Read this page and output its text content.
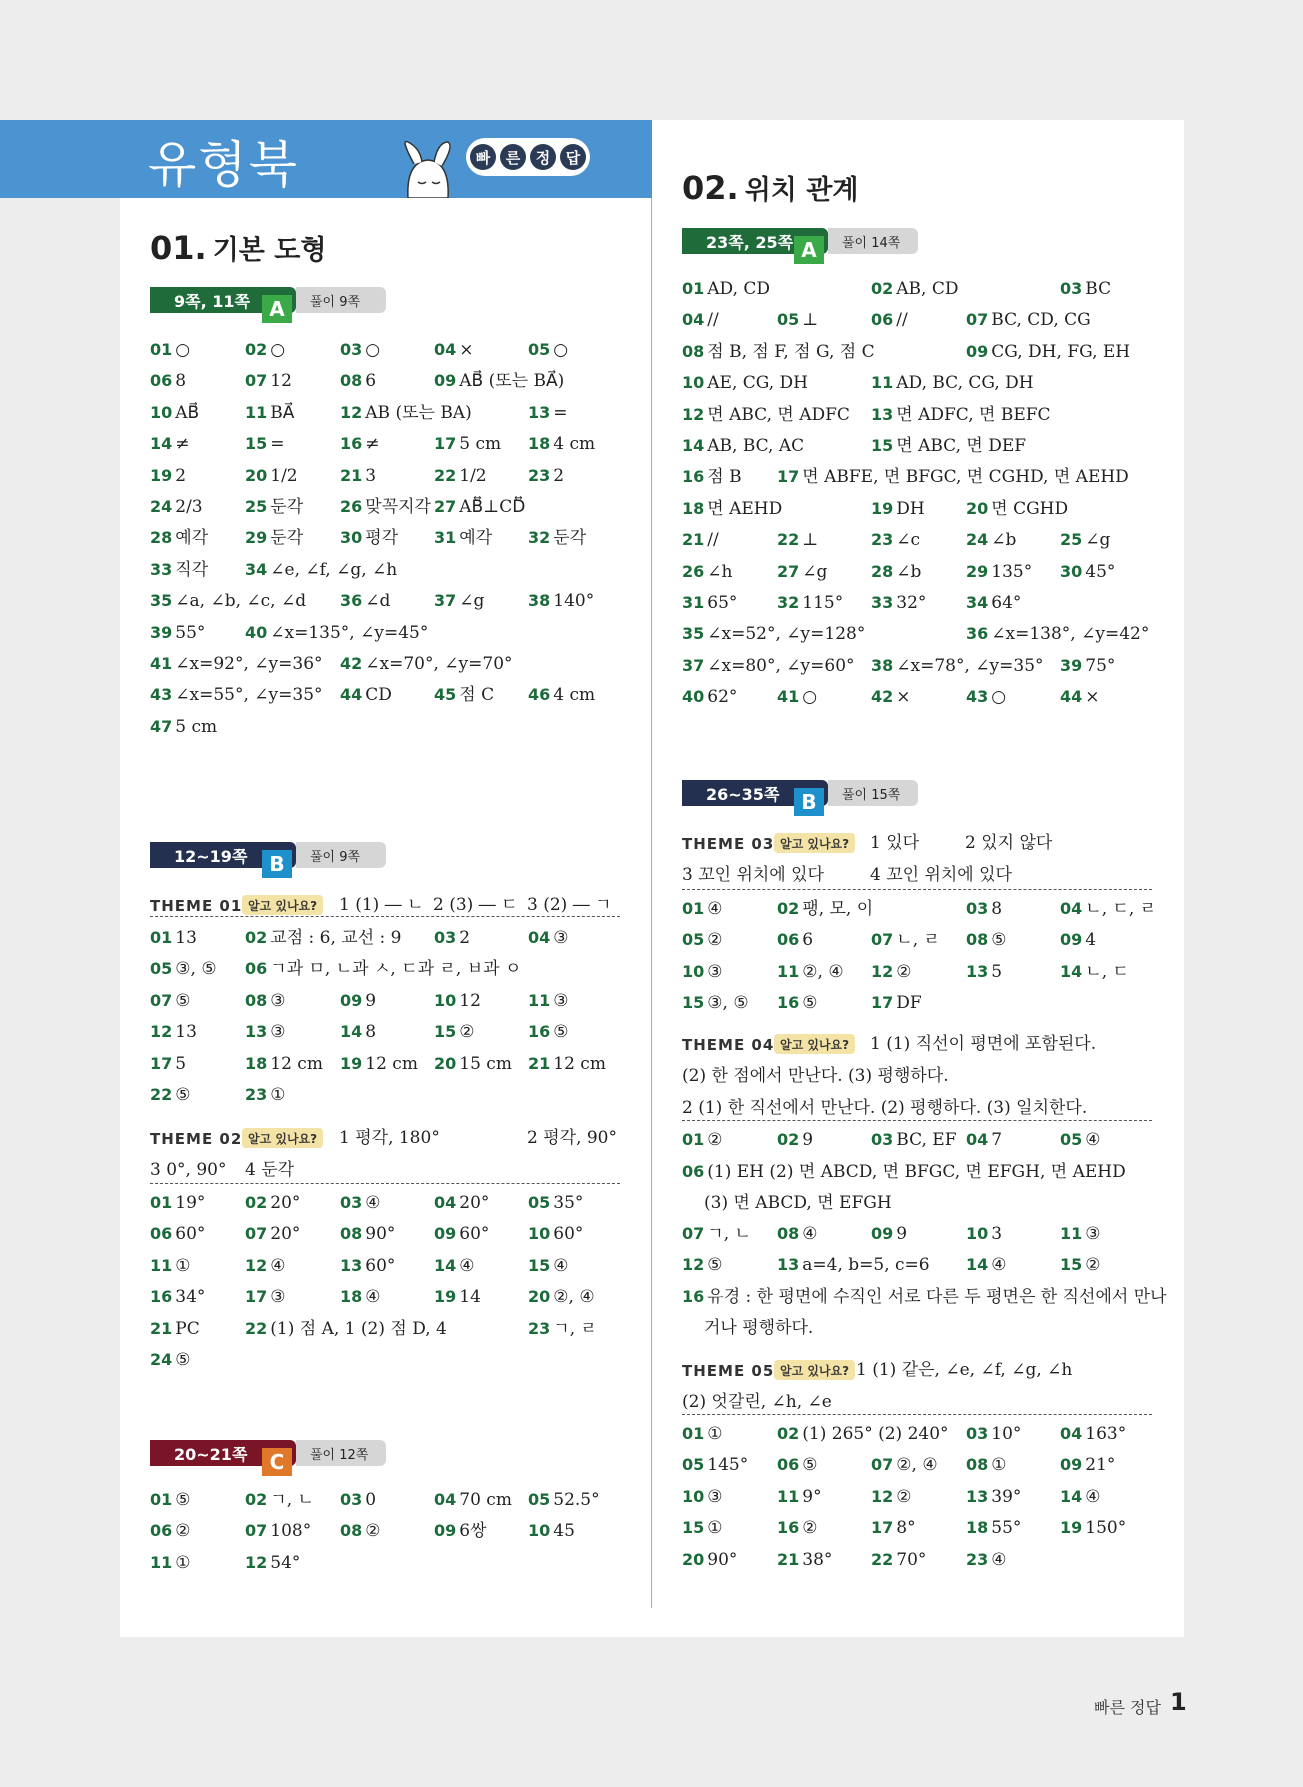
유형북	빠	른	정	답
01. 기본 도형
풀이 9쪽
9쪽, 11쪽 A
01 ○	02 ○	03 ○	04 ×	05 ○
06 8	07 12	08 6	09 AB⃗ (또는 BA⃗)
10 AB⃗	11 BA⃗	12 AB (또는 BA)	13 =
14 ≠	15 =	16 ≠	17 5 cm 18 4 cm
19 2	20 1/2	21 3	22 1/2	23 2
24 2/3	25 둔각 26 맞꼭지각 27 AB⃡⊥CD⃡
28 예각 29 둔각 30 평각 31 예각 32 둔각
33 직각 34 ∠e, ∠f, ∠g, ∠h
35 ∠a, ∠b, ∠c, ∠d 36 ∠d	37 ∠g	38 140°
39 55° 40 ∠x=135°, ∠y=45°
41 ∠x=92°, ∠y=36° 42 ∠x=70°, ∠y=70°
43 ∠x=55°, ∠y=35° 44 CD	45 점 C 46 4 cm
47 5 cm
풀이 9쪽
12~19쪽	B
THEME 01 알고 있나요?	1 (1) ― ㄴ 2 (3) ― ㄷ 3 (2) ― ㄱ
01 13	02 교점 : 6, 교선 : 9 03 2	04 ③
05 ③, ⑤ 06 ㄱ과 ㅁ, ㄴ과 ㅅ, ㄷ과 ㄹ, ㅂ과 ㅇ
07 ⑤	08 ③	09 9	10 12	11 ③
12 13	13 ③	14 8	15 ②	16 ⑤
17 5	18 12 cm 19 12 cm 20 15 cm 21 12 cm
22 ⑤	23 ①
THEME 02 알고 있나요?	1 평각, 180°	2 평각, 90°
3 0°, 90° 4 둔각
01 19° 02 20° 03 ④	04 20° 05 35°
06 60° 07 20° 08 90° 09 60° 10 60°
11 ①	12 ④	13 60° 14 ④	15 ④
16 34° 17 ③	18 ④	19 14	20 ②, ④
21 PC	22 (1) 점 A, 1 (2) 점 D, 4	23 ㄱ, ㄹ
24 ⑤
풀이 12쪽
20~21쪽	C
01 ⑤	02 ㄱ, ㄴ 03 0	04 70 cm 05 52.5°
06 ②	07 108° 08 ②	09 6쌍	10 45
11 ①	12 54°
02. 위치 관계
풀이 14쪽
23쪽, 25쪽 A
01 AD, CD	02 AB, CD	03 BC
04 //	05 ⊥	06 //	07 BC, CD, CG
08 점 B, 점 F, 점 G, 점 C	09 CG, DH, FG, EH
10 AE, CG, DH	11 AD, BC, CG, DH
12 면 ABC, 면 ADFC 13 면 ADFC, 면 BEFC
14 AB, BC, AC	15 면 ABC, 면 DEF
16 점 B 17 면 ABFE, 면 BFGC, 면 CGHD, 면 AEHD
18 면 AEHD	19 DH	20 면 CGHD
21 //	22 ⊥	23 ∠c	24 ∠b	25 ∠g
26 ∠h	27 ∠g	28 ∠b	29 135° 30 45°
31 65° 32 115° 33 32° 34 64°
35 ∠x=52°, ∠y=128°	36 ∠x=138°, ∠y=42°
37 ∠x=80°, ∠y=60° 38 ∠x=78°, ∠y=35° 39 75°
40 62° 41 ○	42 ×	43 ○	44 ×
풀이 15쪽
26~35쪽	B
THEME 03 알고 있나요?	1 있다	2 있지 않다
3 꼬인 위치에 있다	4 꼬인 위치에 있다
01 ④	02 팽, 모, 이	03 8	04 ㄴ, ㄷ, ㄹ
05 ②	06 6	07 ㄴ, ㄹ 08 ⑤	09 4
10 ③	11 ②, ④ 12 ②	13 5	14 ㄴ, ㄷ
15 ③, ⑤ 16 ⑤	17 DF
THEME 04 알고 있나요?	1 (1) 직선이 평면에 포함된다.
(2) 한 점에서 만난다. (3) 평행하다.
2 (1) 한 직선에서 만난다. (2) 평행하다. (3) 일치한다.
01 ②	02 9	03 BC, EF 04 7	05 ④
06 (1) EH (2) 면 ABCD, 면 BFGC, 면 EFGH, 면 AEHD
(3) 면 ABCD, 면 EFGH
07 ㄱ, ㄴ 08 ④	09 9	10 3	11 ③
12 ⑤	13 a=4, b=5, c=6 14 ④	15 ②
16 유경 : 한 평면에 수직인 서로 다른 두 평면은 한 직선에서 만나
거나 평행하다.
THEME 05 알고 있나요? 1 (1) 같은, ∠e, ∠f, ∠g, ∠h
(2) 엇갈린, ∠h, ∠e
01 ①	02 (1) 265° (2) 240° 03 10° 04 163°
05 145° 06 ⑤	07 ②, ④ 08 ①	09 21°
10 ③	11 9°	12 ②	13 39° 14 ④
15 ①	16 ②	17 8°	18 55° 19 150°
20 90° 21 38° 22 70° 23 ④
빠른 정답 1
